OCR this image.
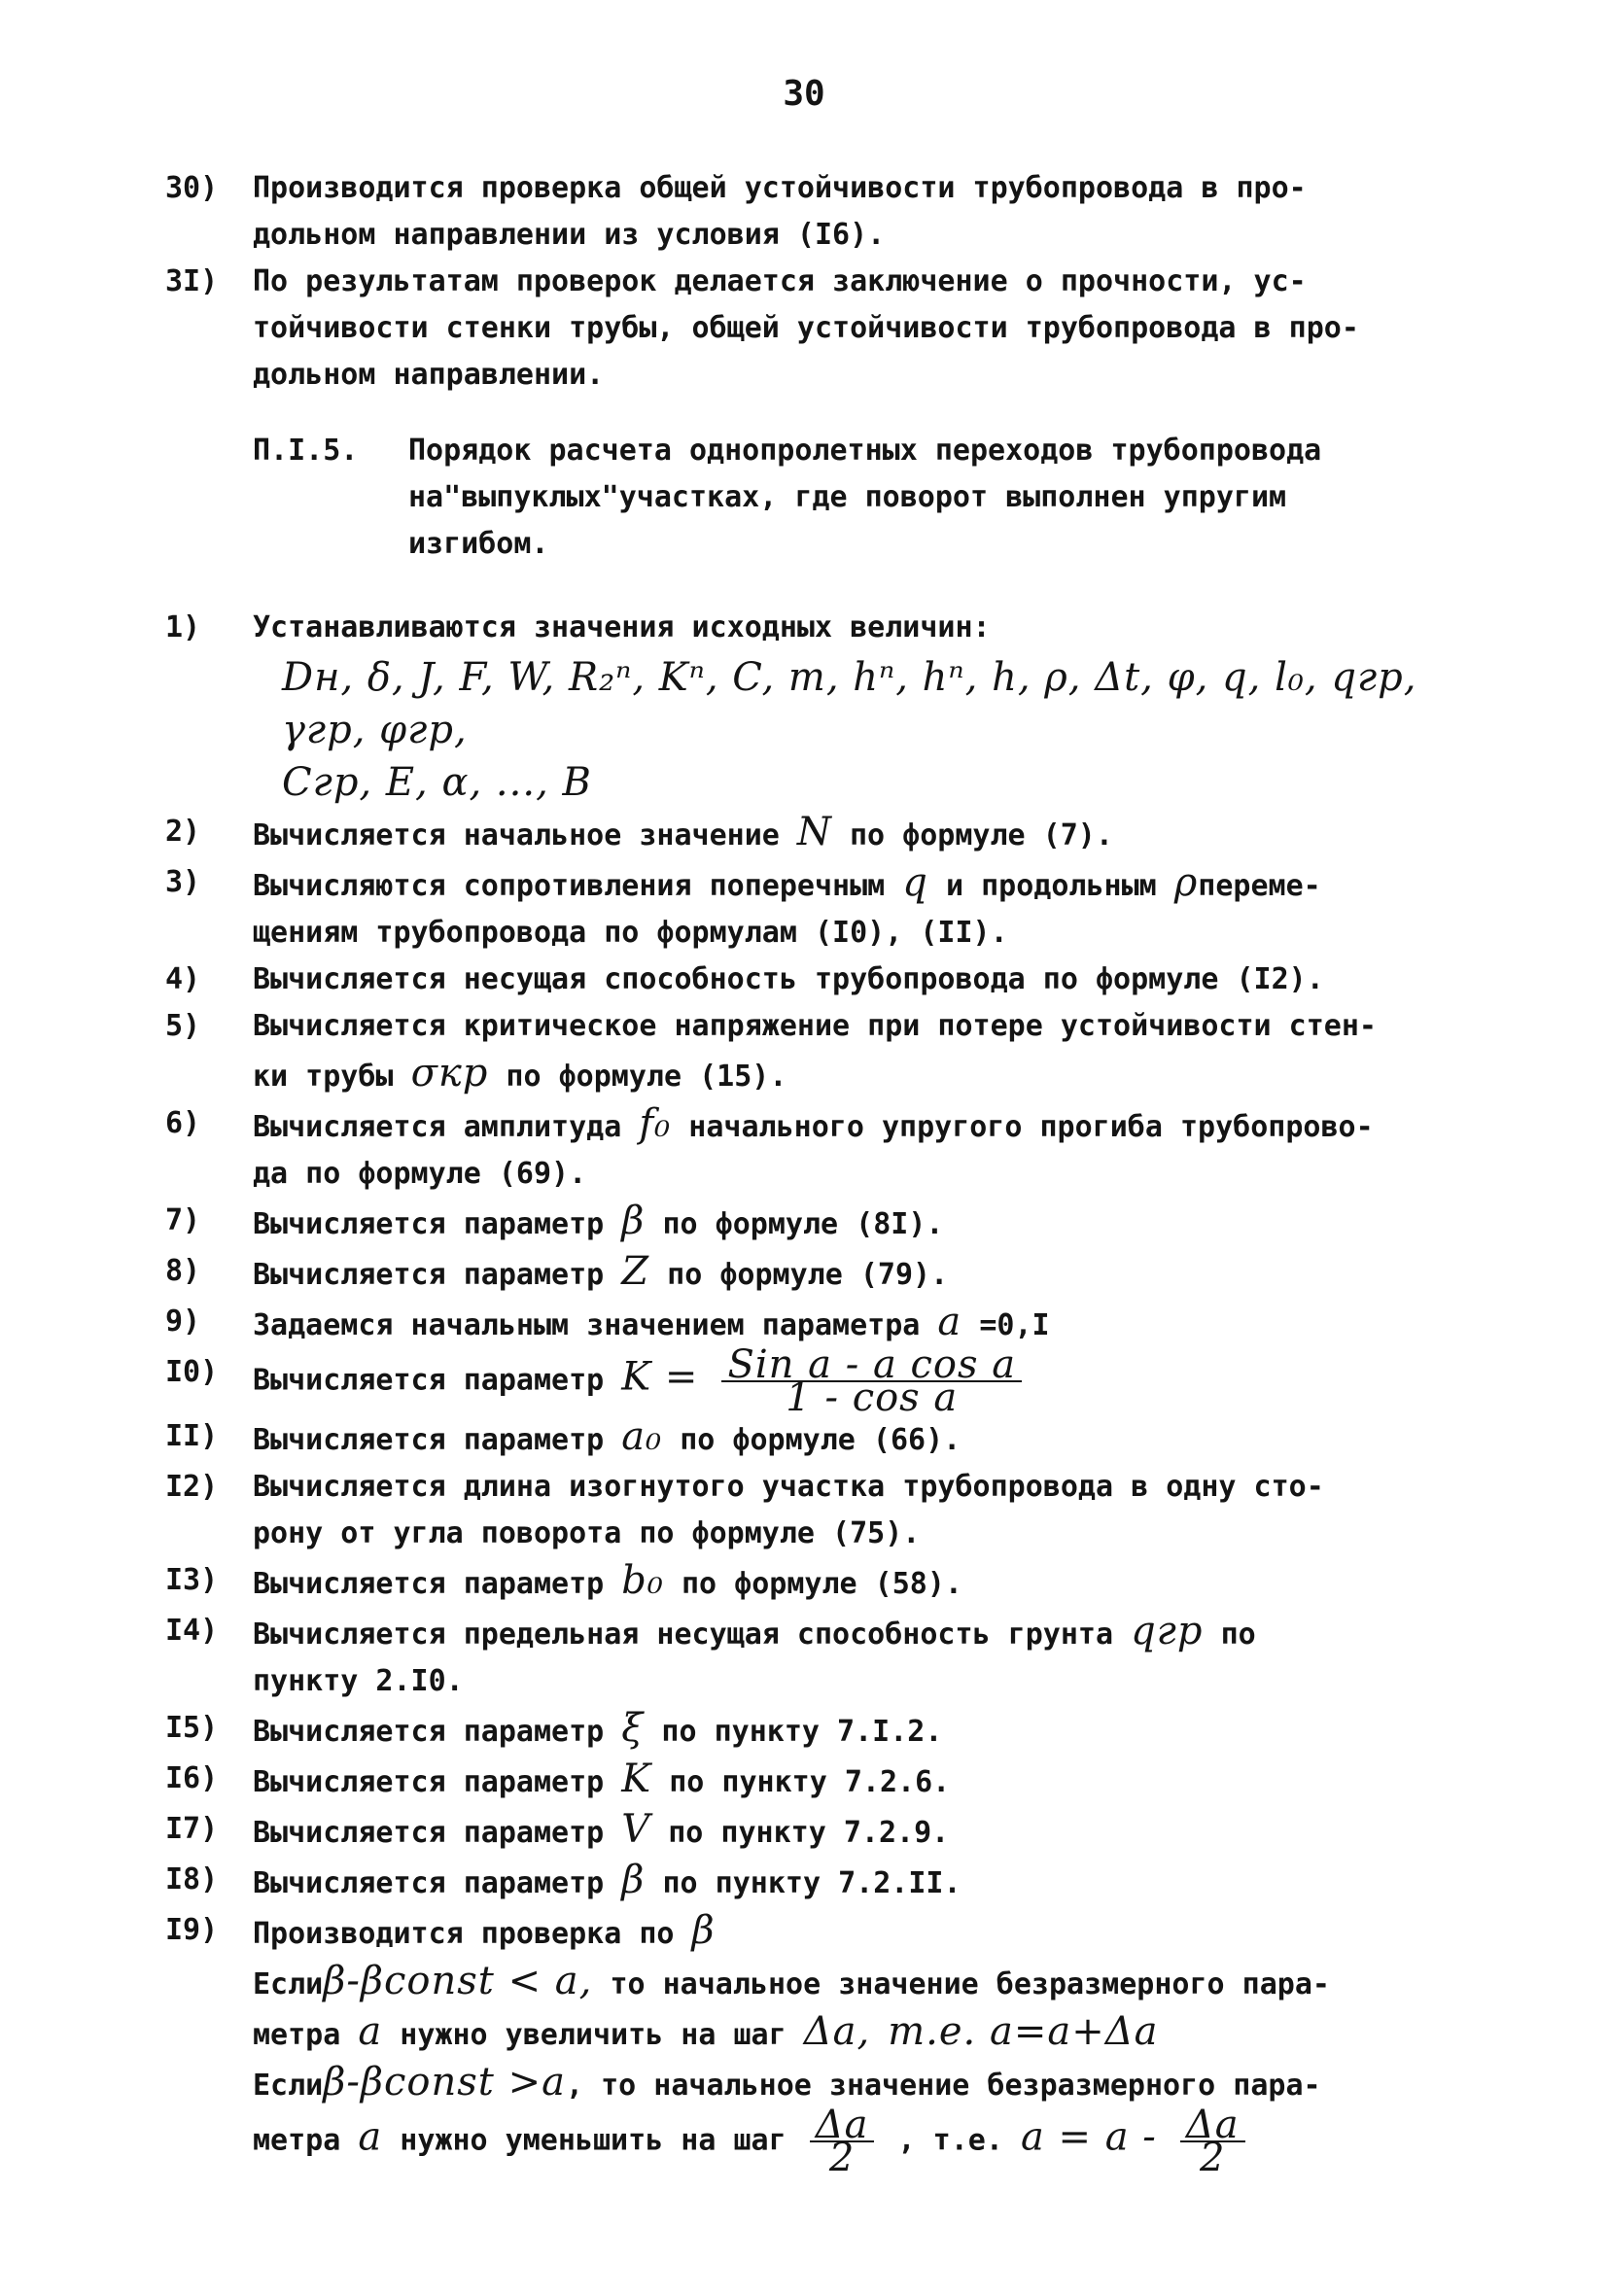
30
30)	Производится проверка общей устойчивости трубопровода в про-
дольном направлении из условия (I6).
3I)	По результатам проверок делается заключение о прочности, ус-
тойчивости стенки трубы, общей устойчивости трубопровода в про-
дольном направлении.
П.I.5. Порядок расчета однопролетных переходов трубопровода
на"выпуклых"участках, где поворот выполнен упругим
изгибом.
1)	Устанавливаются значения исходных величин:
Dн, δ, J, F, W, R₂ⁿ, Kⁿ, C, m, hⁿ, hⁿ, h, ρ, Δt, φ, q, l₀, qгр, γгр, φгр,
Cгр, E, α, ..., B
2)	Вычисляется начальное значение N по формуле (7).
3)	Вычисляются сопротивления поперечным q и продольным ρпереме-
щениям трубопровода по формулам (I0), (II).
4)	Вычисляется несущая способность трубопровода по формуле (I2).
5)	Вычисляется критическое напряжение при потере устойчивости стен-
ки трубы σкр по формуле (15).
6)	Вычисляется амплитуда f₀ начального упругого прогиба трубопрово-
да по формуле (69).
7)	Вычисляется параметр β по формуле (8I).
8)	Вычисляется параметр Z по формуле (79).
9)	Задаемся начальным значением параметра a =0,I
I0)	Вычисляется параметр $K = \frac{\text{Sin a - a cos a}}{\text{1 - cos a}}$
II)	Вычисляется параметр a₀ по формуле (66).
I2)	Вычисляется длина изогнутого участка трубопровода в одну сто-
рону от угла поворота по формуле (75).
I3)	Вычисляется параметр b₀ по формуле (58).
I4)	Вычисляется предельная несущая способность грунта qгр по
пункту 2.I0.
I5)	Вычисляется параметр ξ по пункту 7.I.2.
I6)	Вычисляется параметр K по пункту 7.2.6.
I7)	Вычисляется параметр V по пункту 7.2.9.
I8)	Вычисляется параметр β по пункту 7.2.II.
I9)	Производится проверка по β
Еслиβ-βconst < a, то начальное значение безразмерного пара-
метра a нужно увеличить на шаг Δa, т.е. a=a+Δa
Еслиβ-βconst >a, то начальное значение безразмерного пара-
метра a нужно уменьшить на шаг $\frac{\Delta a}{2}$ , т.е. $a = a - \frac{\Delta a}{2}$
